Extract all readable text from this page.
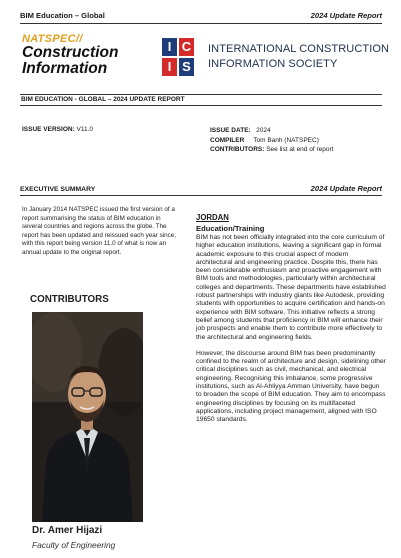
BIM Education – Global	2024 Update Report
NATSPEC//
Construction
Information
I C
I S
INTERNATIONAL CONSTRUCTION
INFORMATION SOCIETY
BIM EDUCATION - GLOBAL – 2024 UPDATE REPORT
ISSUE VERSION: V11.0	ISSUE DATE: 2024
COMPILER Tom Banh (NATSPEC)
CONTRIBUTORS: See list at end of report
EXECUTIVE SUMMARY	2024 Update Report

In January 2014 NATSPEC issued the first version of a report summarising the status of BIM education in several countries and regions across the globe. The report has been updated and reissued each year since, with this report being version 11.0 of what is now an annual update to the original report.

CONTRIBUTORS
Dr. Amer Hijazi
Faculty of Engineering
JORDAN
Education/Training

BIM has not been officially integrated into the core curriculum of higher education institutions, leaving a significant gap in formal academic exposure to this crucial aspect of modern architectural and engineering practice. Despite this, there has been considerable enthusiasm and proactive engagement with BIM tools and methodologies, particularly within architectural colleges and departments. These departments have established robust partnerships with industry giants like Autodesk, providing students with opportunities to acquire certification and hands-on experience with BIM software. This initiative reflects a strong belief among students that proficiency in BIM will enhance their job prospects and enable them to contribute more effectively to the architectural and engineering fields.

However, the discourse around BIM has been predominantly confined to the realm of architecture and design, sidelining other critical disciplines such as civil, mechanical, and electrical engineering. Recognising this imbalance, some progressive institutions, such as Al-Ahliyya Amman University, have begun to broaden the scope of BIM education. They aim to encompass engineering disciplines by focusing on its multifaceted applications, including project management, aligned with ISO 19650 standards.
